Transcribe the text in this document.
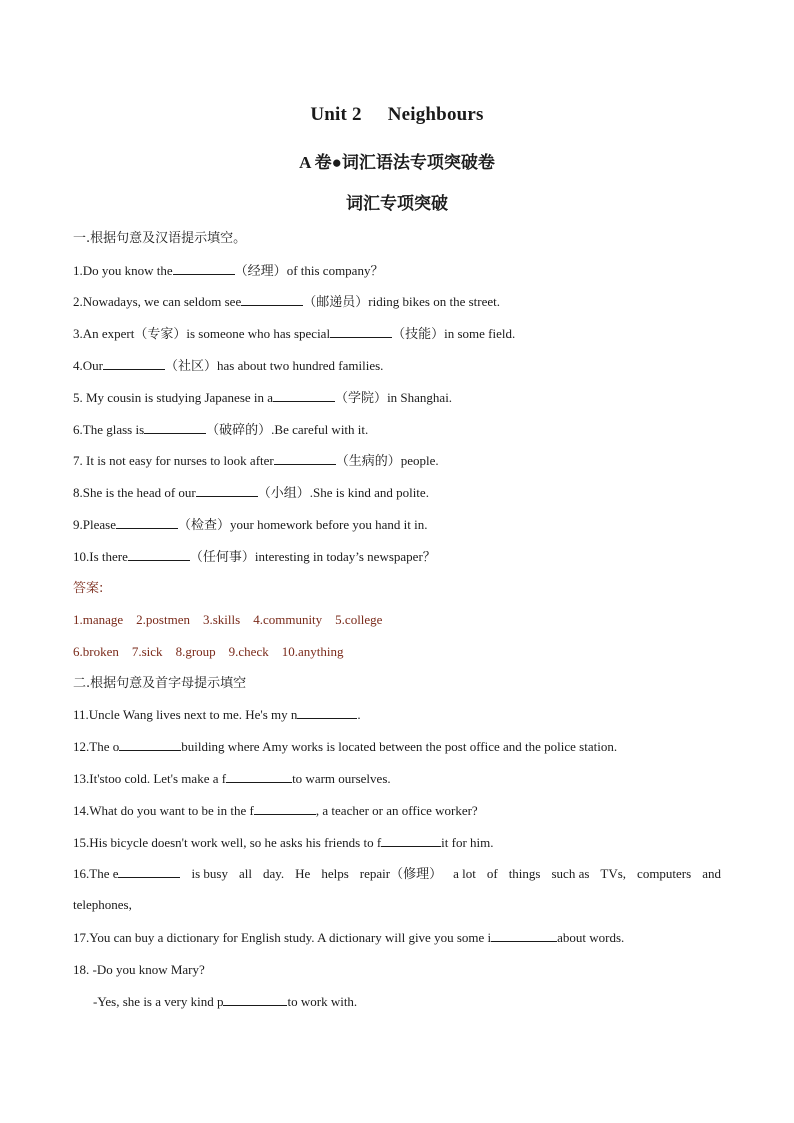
Unit 2 Neighbours
A 卷●词汇语法专项突破卷
词汇专项突破
一.根据句意及汉语提示填空。
1.Do you know the	（经理）of this company？
2.Nowadays, we can seldom see	（邮递员）riding bikes on the street.
3.An expert（专家）is someone who has special	（技能）in some field.
4.Our	（社区）has about two hundred families.
5. My cousin is studying Japanese in a	（学院）in Shanghai.
6.The glass is	（破碎的）.Be careful with it.
7. It is not easy for nurses to look after	（生病的）people.
8.She is the head of our	（小组）.She is kind and polite.
9.Please	（检查）your homework before you hand it in.
10.Is there	（任何事）interesting in today’s newspaper？
答案:
1.manage 2.postmen 3.skills 4.community 5.college
6.broken 7.sick 8.group 9.check 10.anything
二.根据句意及首字母提示填空
11.Uncle Wang lives next to me. He's my n	.
12.The o	building where Amy works is located between the post office and the police station.
13.It'stoo cold. Let's make a f	to warm ourselves.
14.What do you want to be in the f	, a teacher or an office worker?
15.His bicycle doesn't work well, so he asks his friends to f	it for him.
16.The e	is busy all day. He helps repair（修理） a lot of things such as TVs, computers and
telephones,
17.You can buy a dictionary for English study. A dictionary will give you some i	about words.
18. -Do you know Mary?
-Yes, she is a very kind p	to work with.
